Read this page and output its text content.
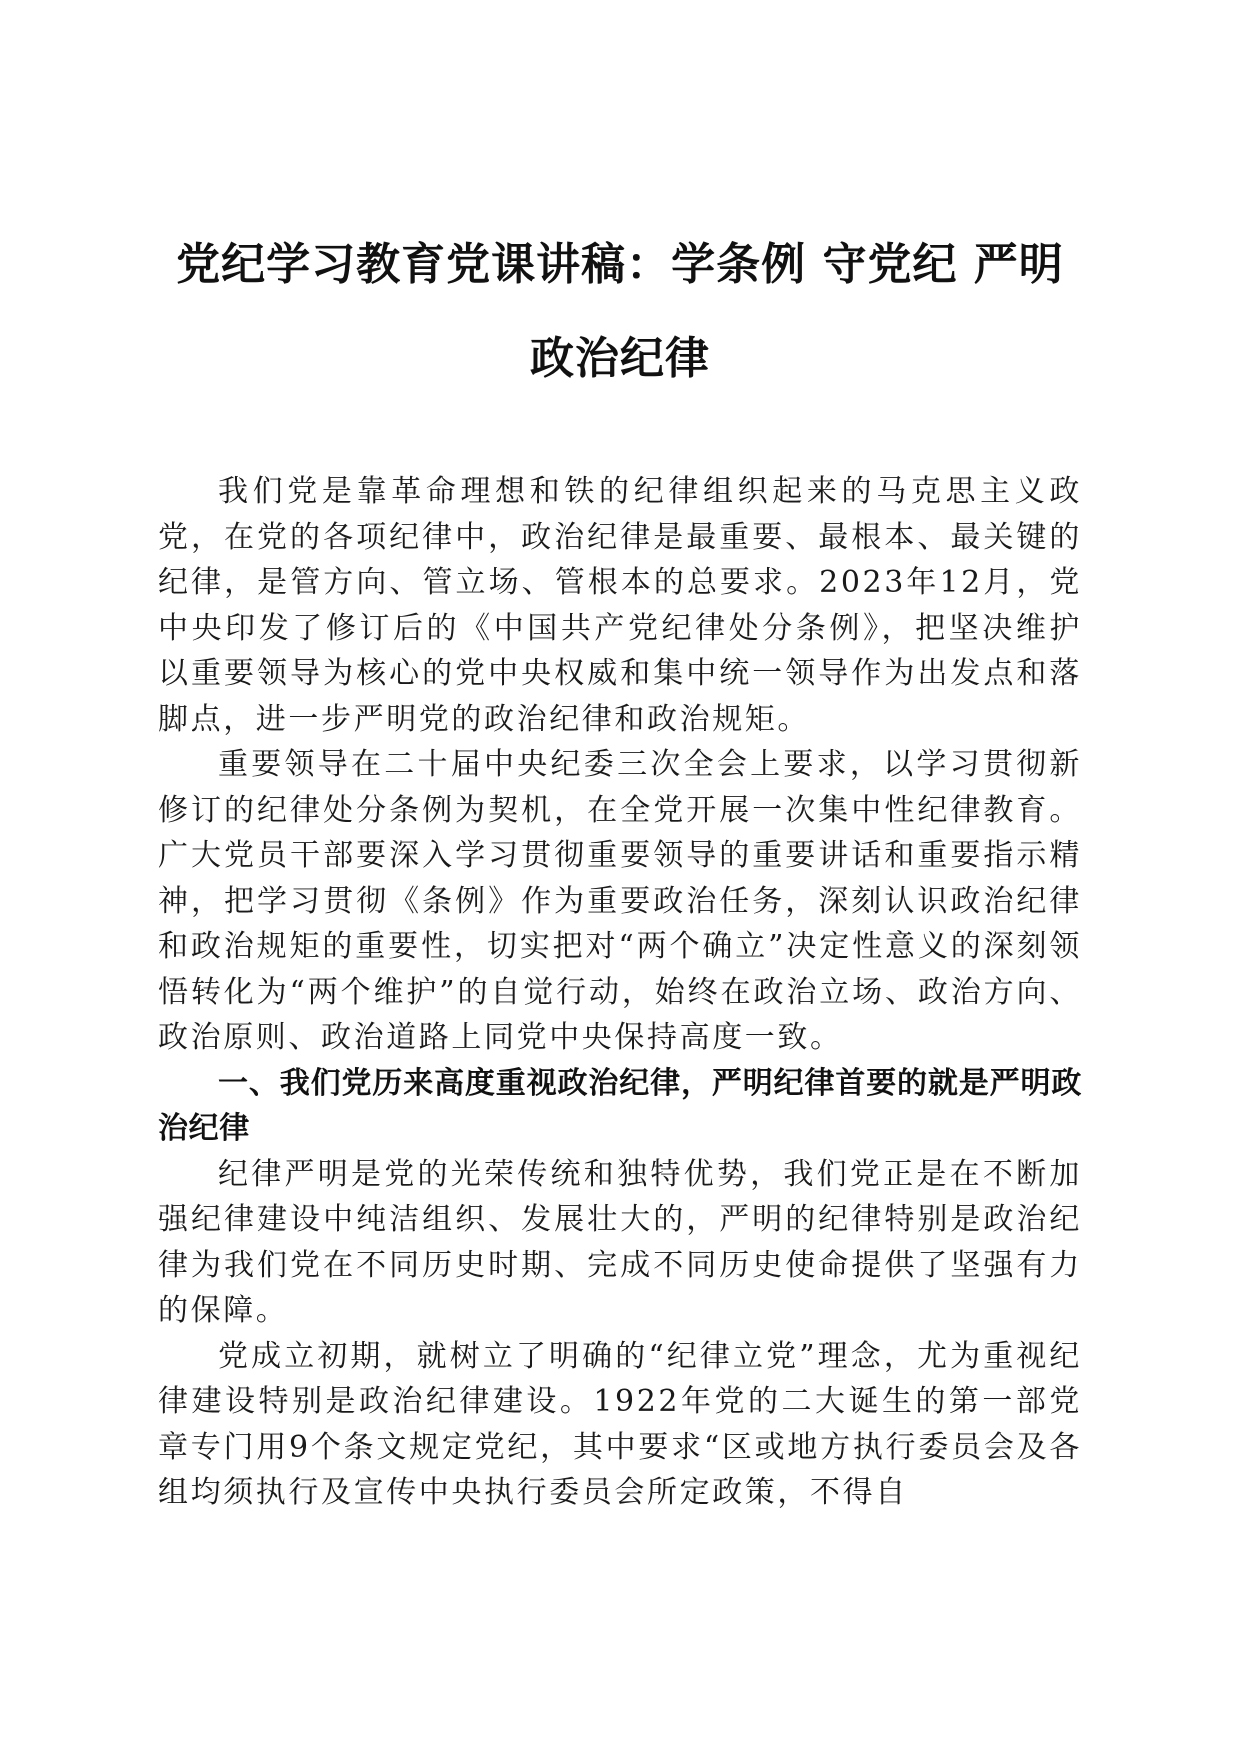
党纪学习教育党课讲稿：学条例 守党纪 严明
政治纪律

我们党是靠革命理想和铁的纪律组织起来的马克思主义政党，在党的各项纪律中，政治纪律是最重要、最根本、最关键的纪律，是管方向、管立场、管根本的总要求。2023年12月，党中央印发了修订后的《中国共产党纪律处分条例》，把坚决维护以重要领导为核心的党中央权威和集中统一领导作为出发点和落脚点，进一步严明党的政治纪律和政治规矩。

重要领导在二十届中央纪委三次全会上要求，以学习贯彻新修订的纪律处分条例为契机，在全党开展一次集中性纪律教育。广大党员干部要深入学习贯彻重要领导的重要讲话和重要指示精神，把学习贯彻《条例》作为重要政治任务，深刻认识政治纪律和政治规矩的重要性，切实把对“两个确立”决定性意义的深刻领悟转化为“两个维护”的自觉行动，始终在政治立场、政治方向、政治原则、政治道路上同党中央保持高度一致。

一、我们党历来高度重视政治纪律，严明纪律首要的就是严明政治纪律

纪律严明是党的光荣传统和独特优势，我们党正是在不断加强纪律建设中纯洁组织、发展壮大的，严明的纪律特别是政治纪律为我们党在不同历史时期、完成不同历史使命提供了坚强有力的保障。

党成立初期，就树立了明确的“纪律立党”理念，尤为重视纪律建设特别是政治纪律建设。1922年党的二大诞生的第一部党章专门用9个条文规定党纪，其中要求“区或地方执行委员会及各组均须执行及宣传中央执行委员会所定政策，不得自
